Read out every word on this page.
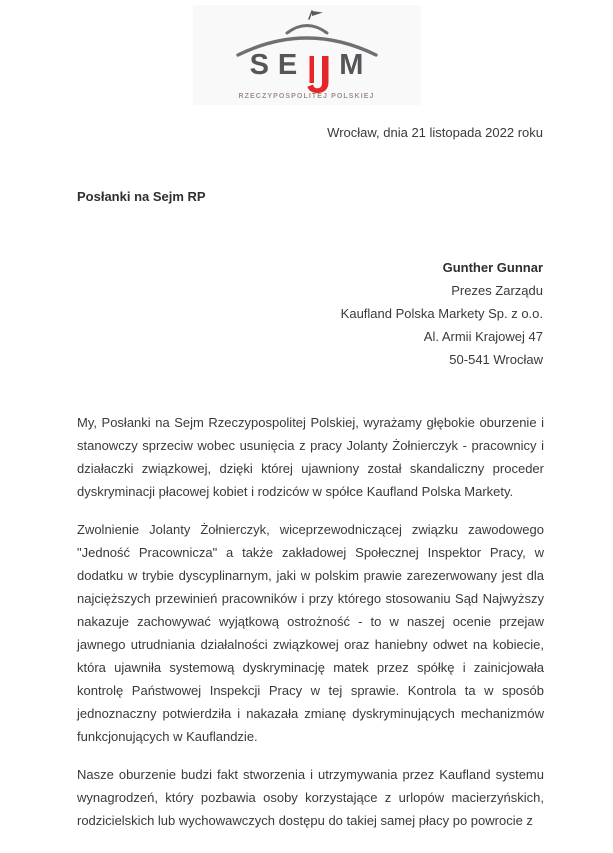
S E M
RZECZYPOSPOLITEJ POLSKIEJ
Wrocław, dnia 21 listopada 2022 roku
Posłanki na Sejm RP
Gunther Gunnar
Prezes Zarządu
Kaufland Polska Markety Sp. z o.o.
Al. Armii Krajowej 47
50-541 Wrocław

My, Posłanki na Sejm Rzeczypospolitej Polskiej, wyrażamy głębokie oburzenie i stanowczy sprzeciw wobec usunięcia z pracy Jolanty Żołnierczyk - pracownicy i działaczki związkowej, dzięki której ujawniony został skandaliczny proceder dyskryminacji płacowej kobiet i rodziców w spółce Kaufland Polska Markety.

Zwolnienie Jolanty Żołnierczyk, wiceprzewodniczącej związku zawodowego "Jedność Pracownicza" a także zakładowej Społecznej Inspektor Pracy, w dodatku w trybie dyscyplinarnym, jaki w polskim prawie zarezerwowany jest dla najcięższych przewinień pracowników i przy którego stosowaniu Sąd Najwyższy nakazuje zachowywać wyjątkową ostrożność - to w naszej ocenie przejaw jawnego utrudniania działalności związkowej oraz haniebny odwet na kobiecie, która ujawniła systemową dyskryminację matek przez spółkę i zainicjowała kontrolę Państwowej Inspekcji Pracy w tej sprawie. Kontrola ta w sposób jednoznaczny potwierdziła i nakazała zmianę dyskryminujących mechanizmów funkcjonujących w Kauflandzie.

Nasze oburzenie budzi fakt stworzenia i utrzymywania przez Kaufland systemu wynagrodzeń, który pozbawia osoby korzystające z urlopów macierzyńskich, rodzicielskich lub wychowawczych dostępu do takiej samej płacy po powrocie z
